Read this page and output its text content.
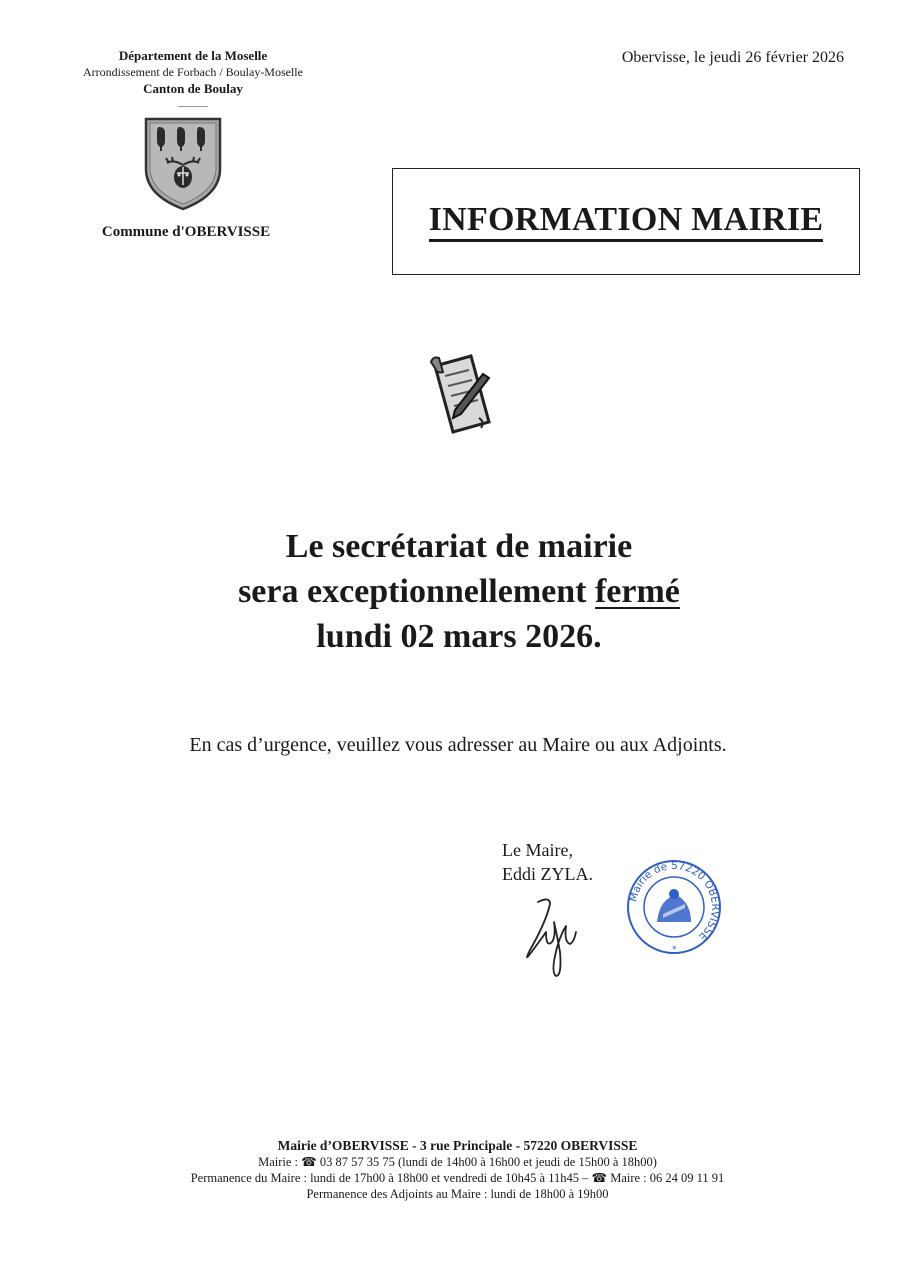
Département de la Moselle
Arrondissement de Forbach / Boulay-Moselle
Canton de Boulay
Commune d'OBERVISSE
Obervisse, le jeudi 26 février 2026
INFORMATION MAIRIE
Le secrétariat de mairie
sera exceptionnellement fermé
lundi 02 mars 2026.
En cas d’urgence, veuillez vous adresser au Maire ou aux Adjoints.
Le Maire,
Eddi ZYLA.
Mairie de 57220 OBERVISSE
*
Mairie d’OBERVISSE - 3 rue Principale - 57220 OBERVISSE
Mairie : ☎ 03 87 57 35 75 (lundi de 14h00 à 16h00 et jeudi de 15h00 à 18h00)
Permanence du Maire : lundi de 17h00 à 18h00 et vendredi de 10h45 à 11h45 – ☎ Maire : 06 24 09 11 91
Permanence des Adjoints au Maire : lundi de 18h00 à 19h00
